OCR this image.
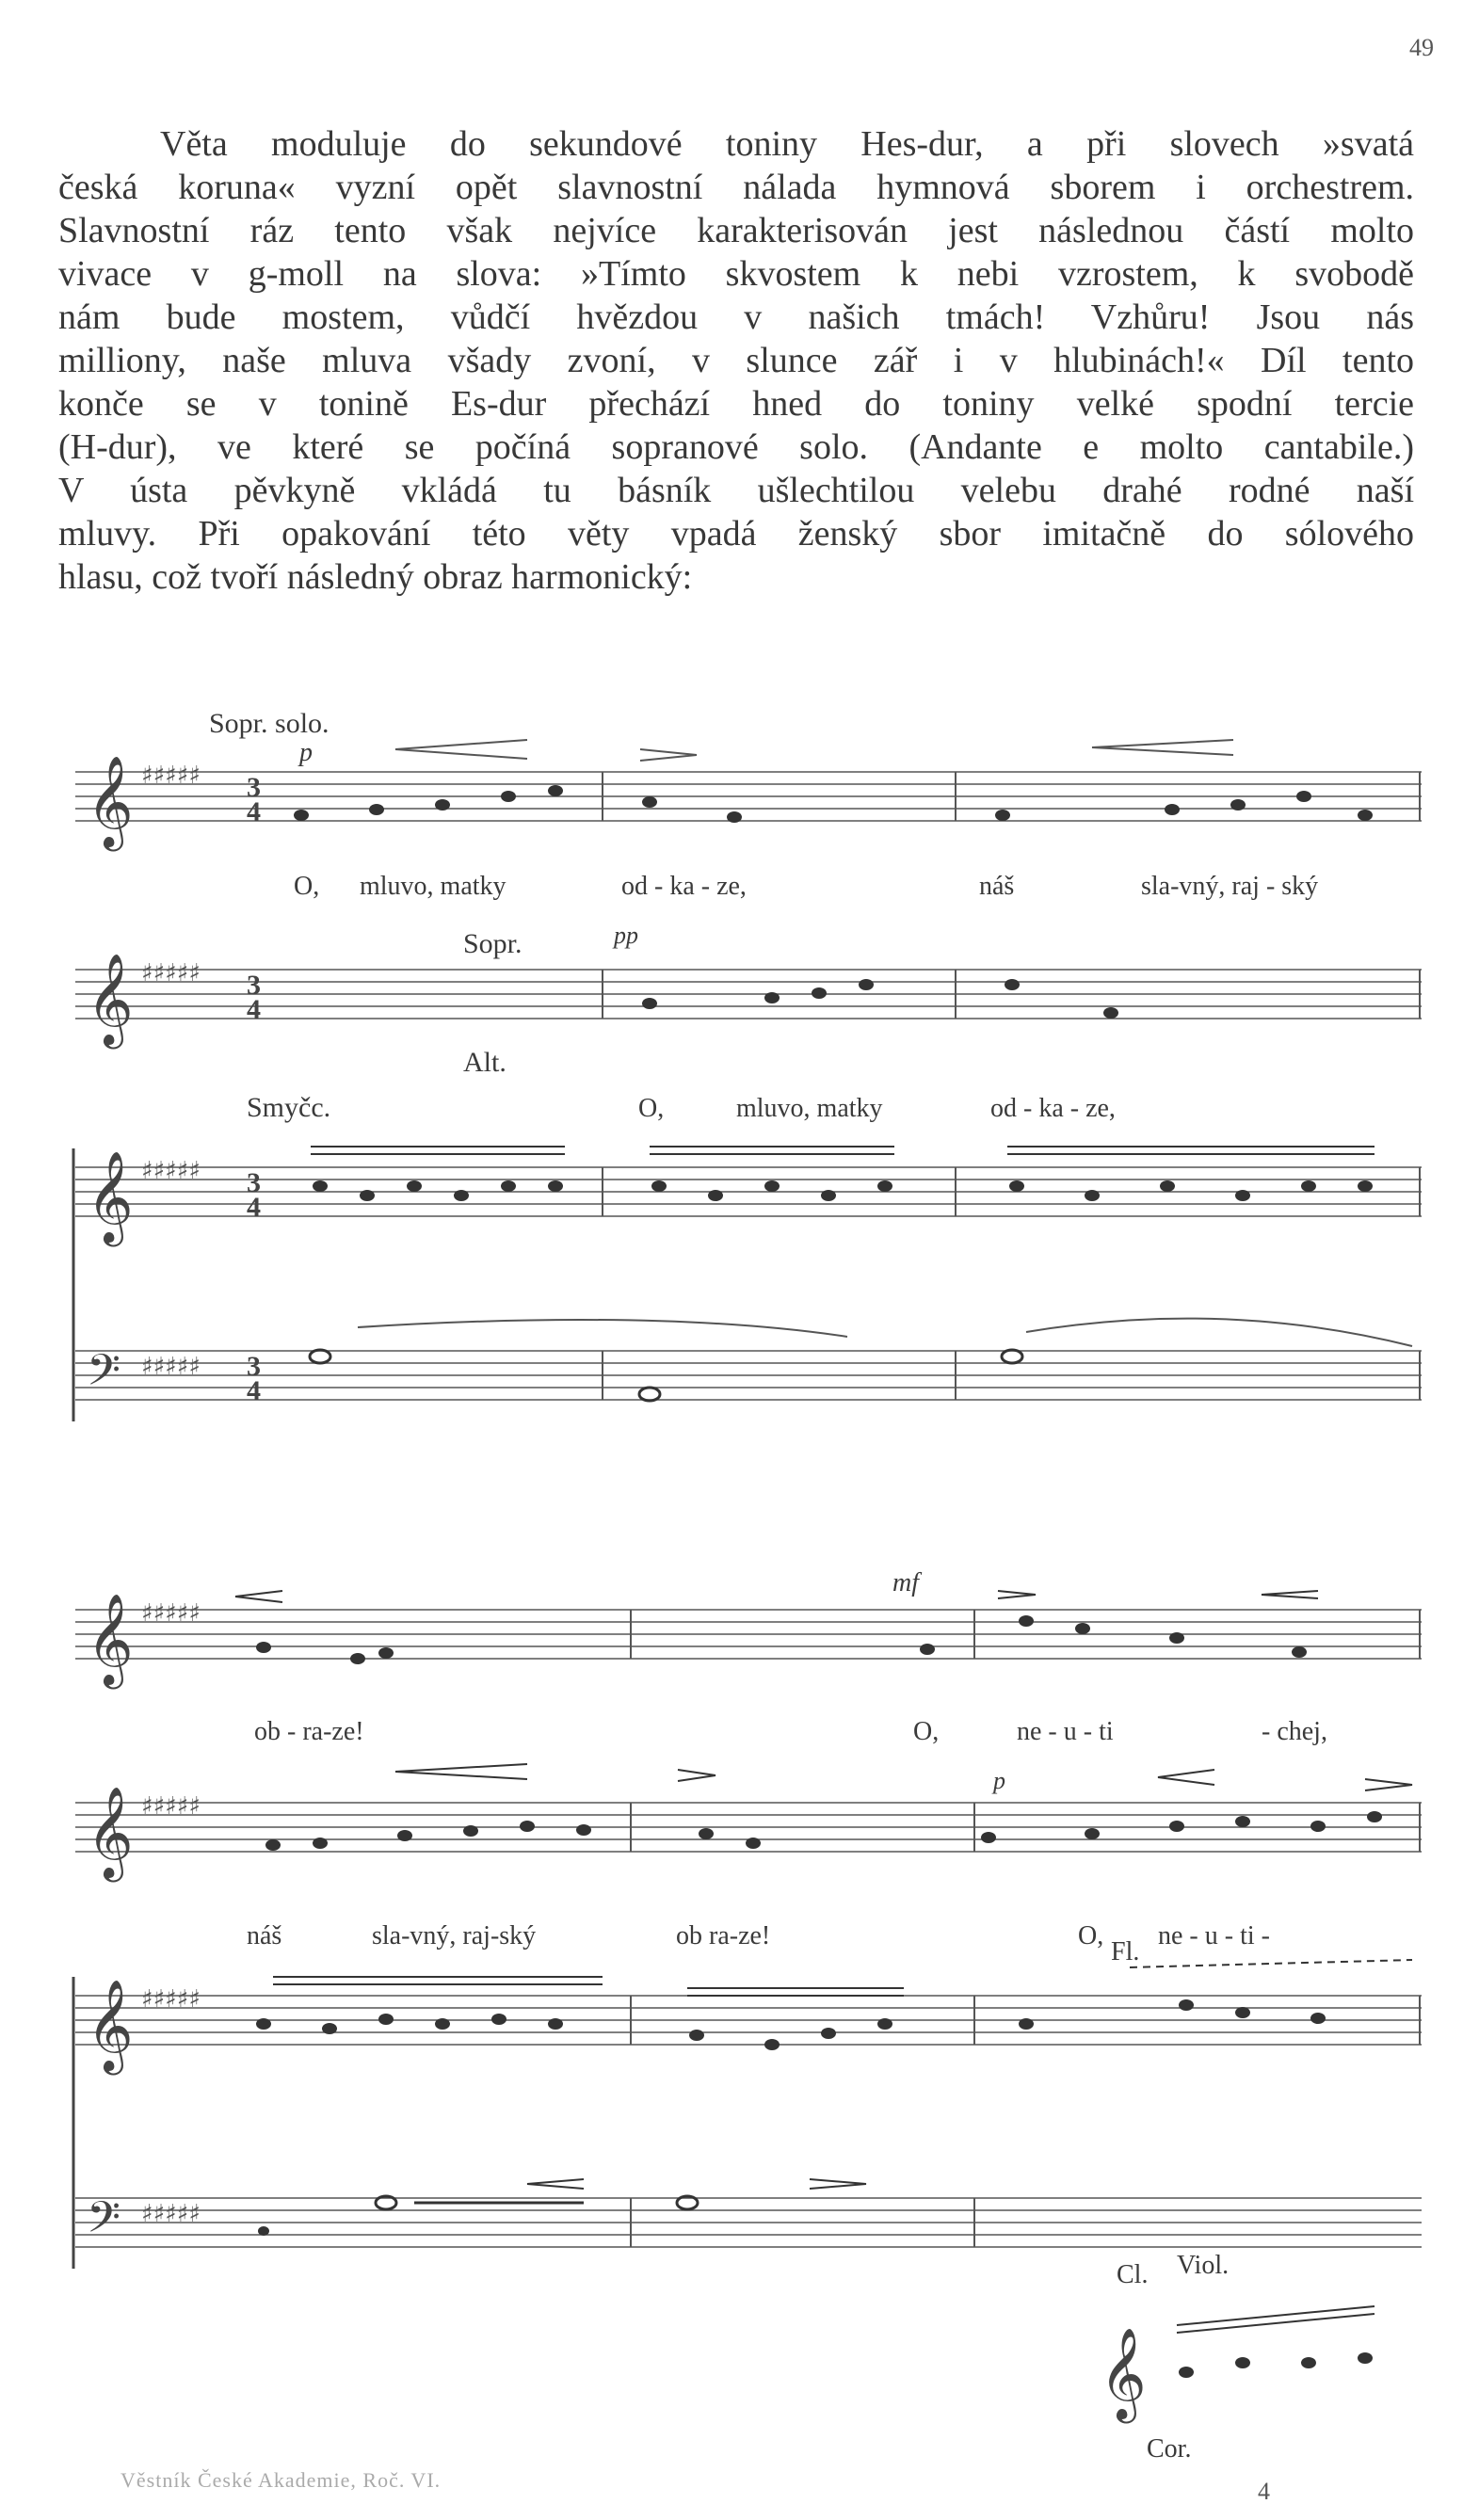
49
Věta moduluje do sekundové toniny Hes-dur, a při slovech »svatá
česká koruna« vyzní opět slavnostní nálada hymnová sborem i orchestrem.
Slavnostní ráz tento však nejvíce karakterisován jest následnou částí molto
vivace v g-moll na slova: »Tímto skvostem k nebi vzrostem, k svobodě
nám bude mostem, vůdčí hvězdou v našich tmách! Vzhůru! Jsou nás
milliony, naše mluva všady zvoní, v slunce zář i v hlubinách!« Díl tento
konče se v tonině Es-dur přechází hned do toniny velké spodní tercie
(H-dur), ve které se počíná sopranové solo. (Andante e molto cantabile.)
V ústa pěvkyně vkládá tu básník ušlechtilou velebu drahé rodné naší
mluvy. Při opakování této věty vpadá ženský sbor imitačně do sólového
hlasu, což tvoří následný obraz harmonický:
𝄞
𝄞
𝄞
𝄢
𝄞
𝄞
𝄞
𝄢
𝄞
♯♯♯♯♯
♯♯♯♯♯
♯♯♯♯♯
♯♯♯♯♯
♯♯♯♯♯
♯♯♯♯♯
♯♯♯♯♯
♯♯♯♯♯
3
4
3
4
3
4
3
4
Sopr. solo.
p
Sopr.	pp
Alt.
Smyčc.
O, mluvo, matky	od - ka - ze,	náš	sla-vný, raj - ský
O,	mluvo, matky	od - ka - ze,
mf
p
Fl.
Cl. Viol.
Cor.
ob - ra-ze!	O,	ne - u - ti	- chej,
náš	sla-vný, raj-ský	ob ra-ze!	O, ne - u - ti -
Věstník České Akademie, Roč. VI.	4
